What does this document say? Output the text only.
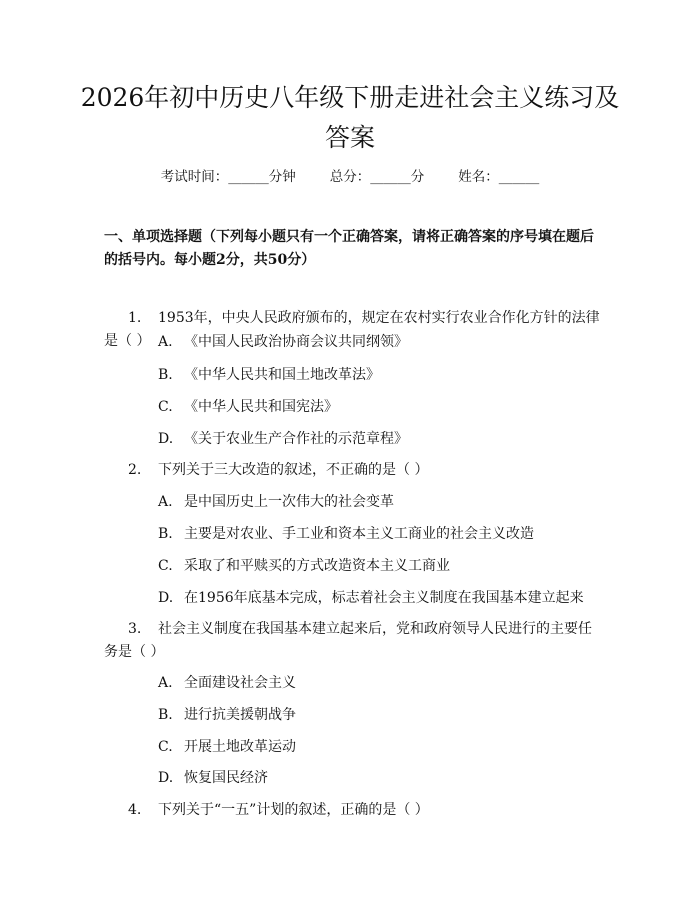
2026年初中历史八年级下册走进社会主义练习及答案
考试时间：______分钟	总分：______分	姓名：______

一、单项选择题（下列每小题只有一个正确答案，请将正确答案的序号填在题后的括号内。每小题2分，共50分）

1. 1953年，中央人民政府颁布的，规定在农村实行农业合作化方针的法律是（ ） A. 《中国人民政治协商会议共同纲领》

B. 《中华人民共和国土地改革法》

C. 《中华人民共和国宪法》

D. 《关于农业生产合作社的示范章程》

2. 下列关于三大改造的叙述，不正确的是（ ）

A. 是中国历史上一次伟大的社会变革

B. 主要是对农业、手工业和资本主义工商业的社会主义改造

C. 采取了和平赎买的方式改造资本主义工商业

D. 在1956年底基本完成，标志着社会主义制度在我国基本建立起来

3. 社会主义制度在我国基本建立起来后，党和政府领导人民进行的主要任务是（ ）

A. 全面建设社会主义

B. 进行抗美援朝战争

C. 开展土地改革运动

D. 恢复国民经济

4. 下列关于“一五”计划的叙述，正确的是（ ）
